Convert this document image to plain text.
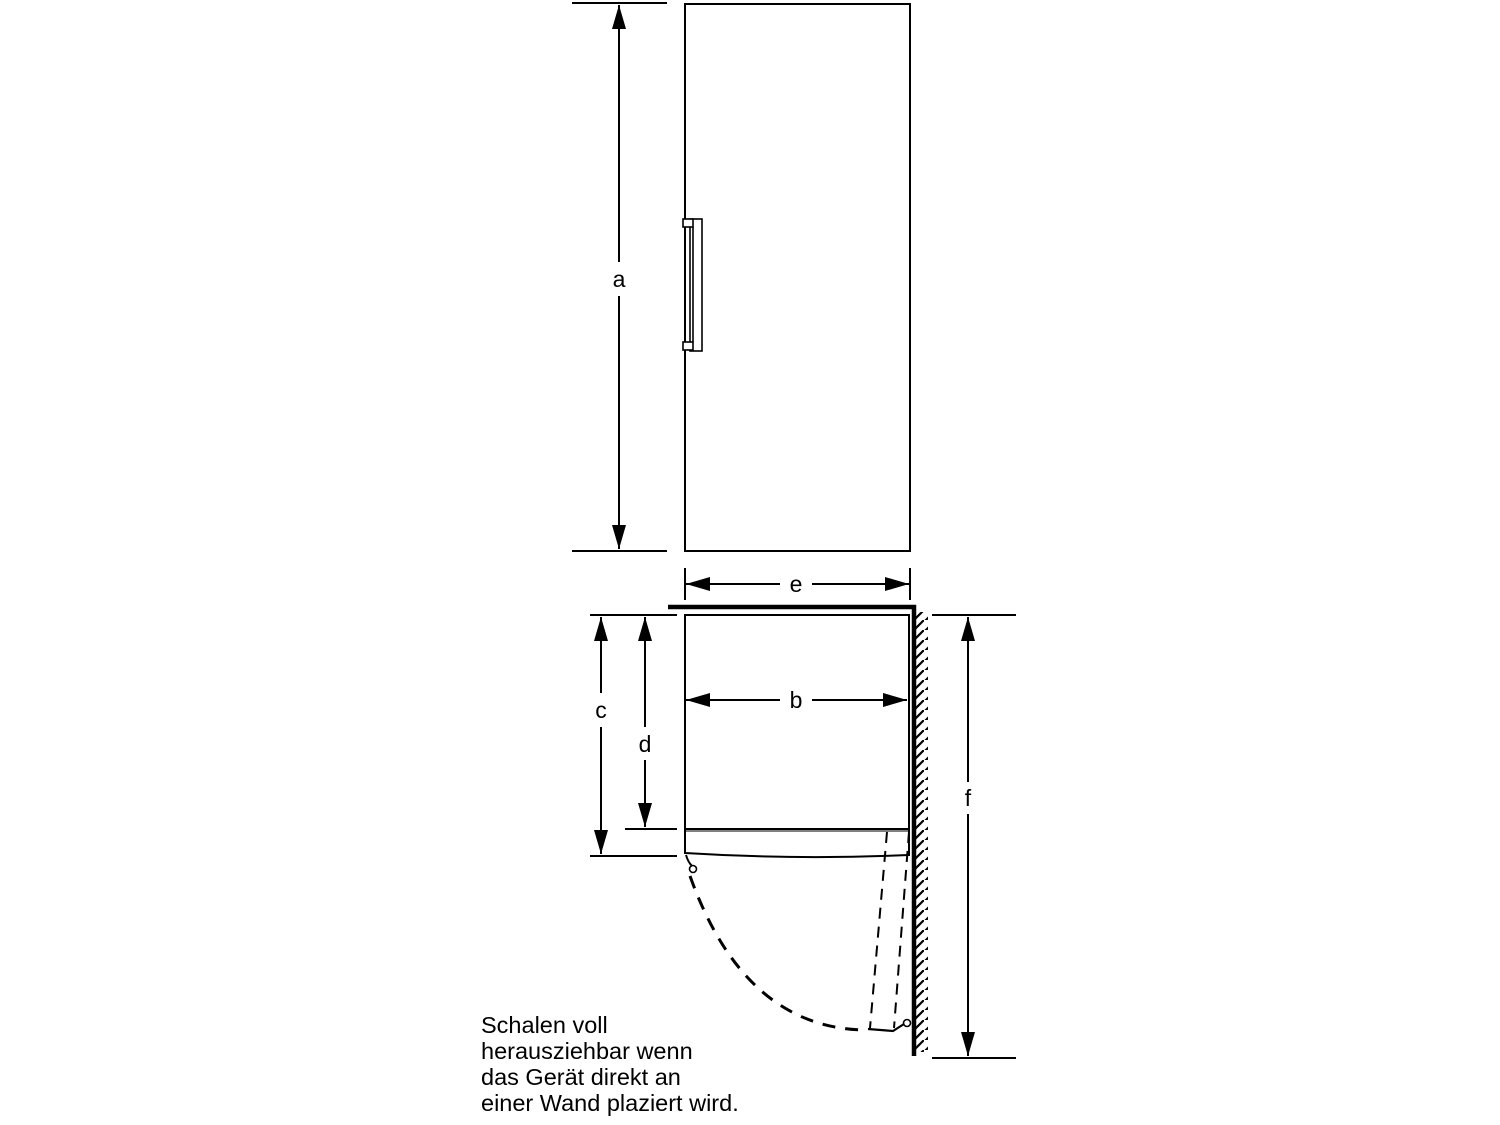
a
e
b
c
d
f

Schalen voll
herausziehbar wenn
das Gerät direkt an
einer Wand plaziert wird.
